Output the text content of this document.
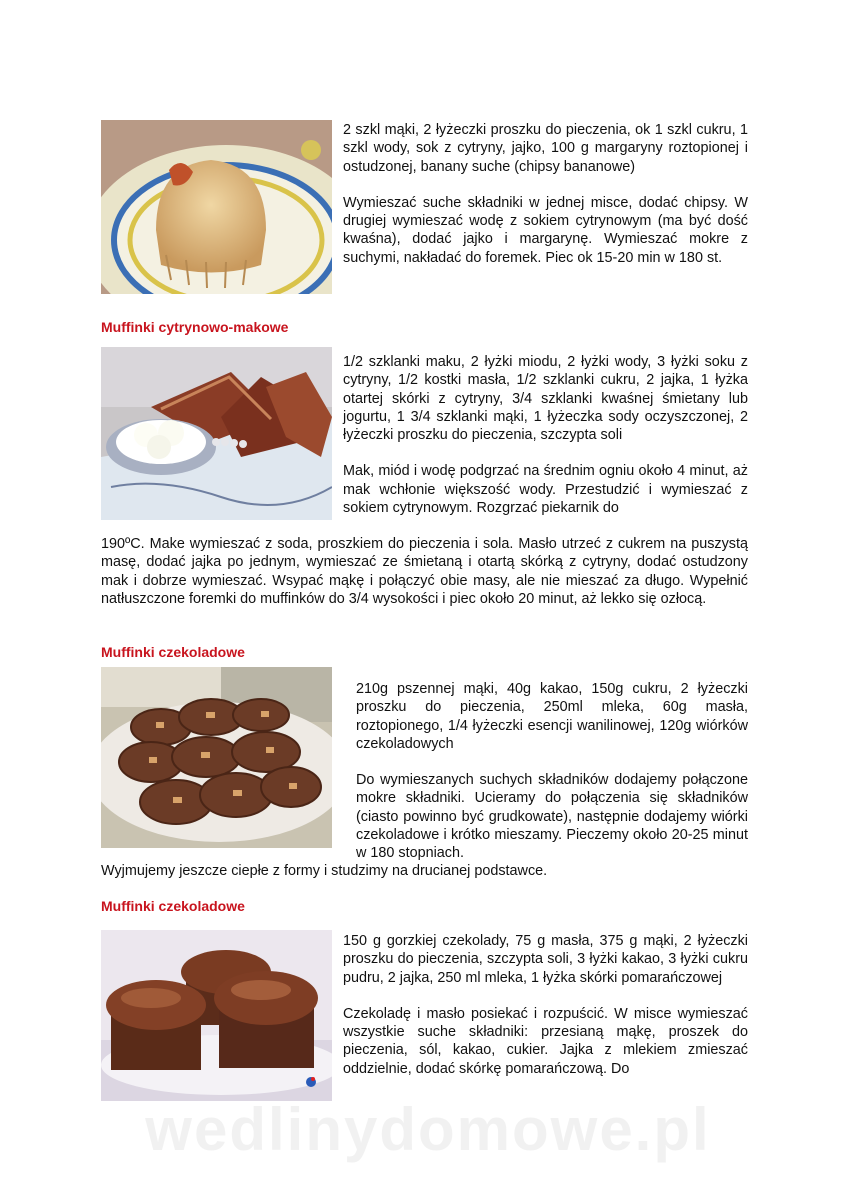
2 szkl mąki, 2 łyżeczki proszku do pieczenia, ok 1 szkl cukru, 1 szkl wody, sok z cytryny, jajko, 100 g margaryny roztopionej i ostudzonej, banany suche (chipsy bananowe)

Wymieszać suche składniki w jednej misce, dodać chipsy. W drugiej wymieszać wodę z sokiem cytrynowym (ma być dość kwaśna), dodać jajko i margarynę. Wymieszać mokre z suchymi, nakładać do foremek. Piec ok 15-20 min w 180 st.

Muffinki cytrynowo-makowe

1/2 szklanki maku, 2 łyżki miodu, 2 łyżki wody, 3 łyżki soku z cytryny, 1/2 kostki masła, 1/2 szklanki cukru, 2 jajka, 1 łyżka otartej skórki z cytryny, 3/4 szklanki kwaśnej śmietany lub jogurtu, 1 3/4 szklanki mąki, 1 łyżeczka sody oczyszczonej, 2 łyżeczki proszku do pieczenia, szczypta soli

Mak, miód i wodę podgrzać na średnim ogniu około 4 minut, aż mak wchłonie większość wody. Przestudzić i wymieszać z sokiem cytrynowym. Rozgrzać piekarnik do

190ºC. Make wymieszać z soda, proszkiem do pieczenia i sola. Masło utrzeć z cukrem na puszystą masę, dodać jajka po jednym, wymieszać ze śmietaną i otartą skórką z cytryny, dodać ostudzony mak i dobrze wymieszać. Wsypać mąkę i połączyć obie masy, ale nie mieszać za długo. Wypełnić natłuszczone foremki do muffinków do 3/4 wysokości i piec około 20 minut, aż lekko się ozłocą.
Muffinki czekoladowe

210g pszennej mąki, 40g kakao, 150g cukru, 2 łyżeczki proszku do pieczenia, 250ml mleka, 60g masła, roztopionego, 1/4 łyżeczki esencji wanilinowej, 120g wiórków czekoladowych

Do wymieszanych suchych składników dodajemy połączone mokre składniki. Ucieramy do połączenia się składników (ciasto powinno być grudkowate), następnie dodajemy wiórki czekoladowe i krótko mieszamy. Pieczemy około 20-25 minut w 180 stopniach.

Wyjmujemy jeszcze ciepłe z formy i studzimy na drucianej podstawce.
Muffinki czekoladowe

150 g gorzkiej czekolady, 75 g masła, 375 g mąki, 2 łyżeczki proszku do pieczenia, szczypta soli, 3 łyżki kakao, 3 łyżki cukru pudru, 2 jajka, 250 ml mleka, 1 łyżka skórki pomarańczowej

Czekoladę i masło posiekać i rozpuścić. W misce wymieszać wszystkie suche składniki: przesianą mąkę, proszek do pieczenia, sól, kakao, cukier. Jajka z mlekiem zmieszać oddzielnie, dodać skórkę pomarańczową. Do

wedlinydomowe.pl
